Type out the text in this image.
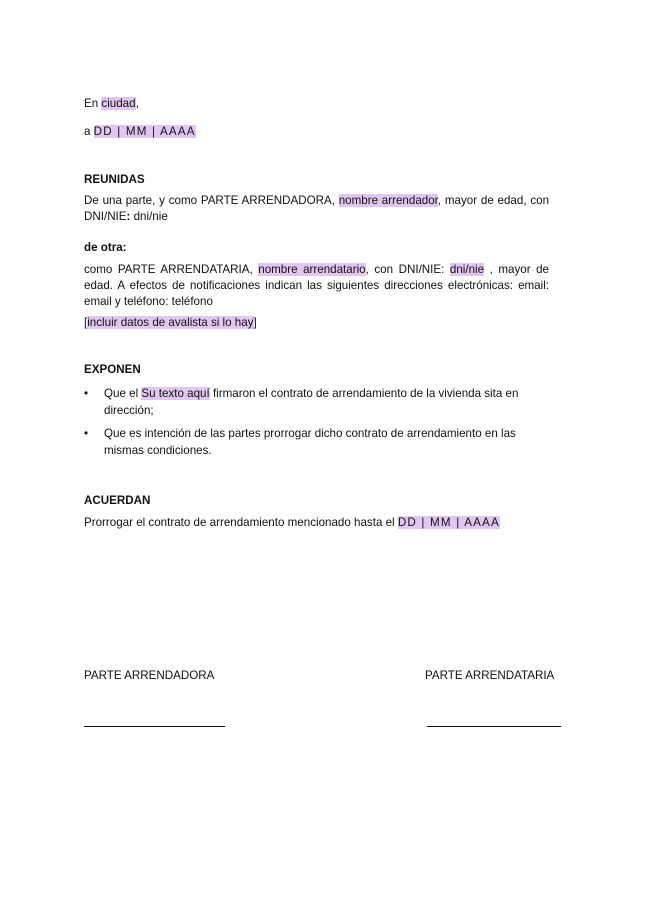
En ciudad,
a DD | MM | AAAA
REUNIDAS
De una parte, y como PARTE ARRENDADORA, nombre arrendador, mayor de edad, con DNI/NIE: dni/nie
de otra:
como PARTE ARRENDATARIA, nombre arrendatario, con DNI/NIE: dni/nie , mayor de edad. A efectos de notificaciones indican las siguientes direcciones electrónicas: email: email y teléfono: teléfono
[incluir datos de avalista si lo hay]
EXPONEN
• Que el Su texto aquí firmaron el contrato de arrendamiento de la vivienda sita en dirección;
• Que es intención de las partes prorrogar dicho contrato de arrendamiento en las mismas condiciones.
ACUERDAN
Prorrogar el contrato de arrendamiento mencionado hasta el DD | MM | AAAA
PARTE ARRENDADORA	PARTE ARRENDATARIA
